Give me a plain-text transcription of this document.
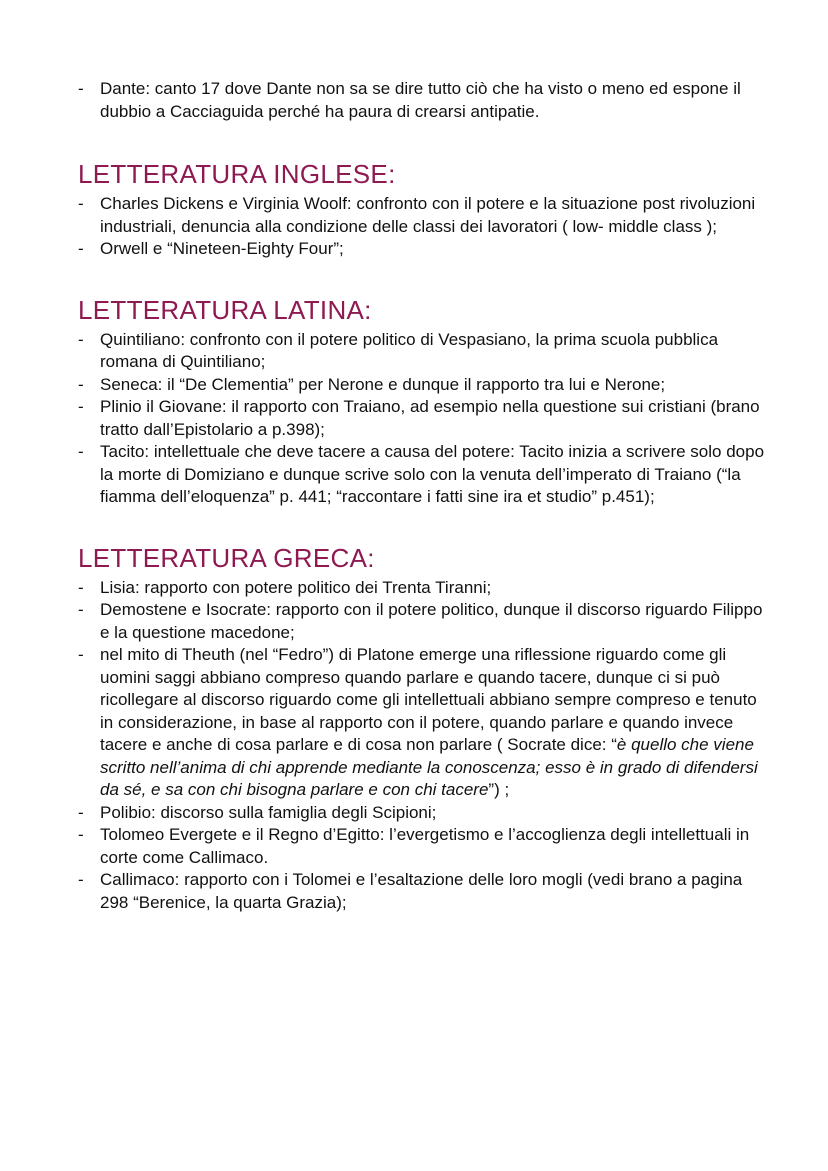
- Dante: canto 17 dove Dante non sa se dire tutto ciò che ha visto o meno ed espone il dubbio a Cacciaguida perché ha paura di crearsi antipatie.
LETTERATURA INGLESE:
- Charles Dickens e Virginia Woolf: confronto con il potere e la situazione post rivoluzioni industriali, denuncia alla condizione delle classi dei lavoratori ( low- middle class );
- Orwell e “Nineteen-Eighty Four”;
LETTERATURA LATINA:
- Quintiliano: confronto con il potere politico di Vespasiano, la prima scuola pubblica romana di Quintiliano;
- Seneca: il “De Clementia” per Nerone e dunque il rapporto tra lui e Nerone;
- Plinio il Giovane: il rapporto con Traiano, ad esempio nella questione sui cristiani (brano tratto dall’Epistolario a p.398);
- Tacito: intellettuale che deve tacere a causa del potere: Tacito inizia a scrivere solo dopo la morte di Domiziano e dunque scrive solo con la venuta dell’imperato di Traiano (“la fiamma dell’eloquenza” p. 441; “raccontare i fatti sine ira et studio” p.451);
LETTERATURA GRECA:
- Lisia: rapporto con potere politico dei Trenta Tiranni;
- Demostene e Isocrate: rapporto con il potere politico, dunque il discorso riguardo Filippo e la questione macedone;
- nel mito di Theuth (nel “Fedro”) di Platone emerge una riflessione riguardo come gli uomini saggi abbiano compreso quando parlare e quando tacere, dunque ci si può ricollegare al discorso riguardo come gli intellettuali abbiano sempre compreso e tenuto in considerazione, in base al rapporto con il potere, quando parlare e quando invece tacere e anche di cosa parlare e di cosa non parlare ( Socrate dice: “è quello che viene scritto nell’anima di chi apprende mediante la conoscenza; esso è in grado di difendersi da sé, e sa con chi bisogna parlare e con chi tacere”) ;
- Polibio: discorso sulla famiglia degli Scipioni;
- Tolomeo Evergete e il Regno d’Egitto: l’evergetismo e l’accoglienza degli intellettuali in corte come Callimaco.
- Callimaco: rapporto con i Tolomei e l’esaltazione delle loro mogli (vedi brano a pagina 298 “Berenice, la quarta Grazia);
